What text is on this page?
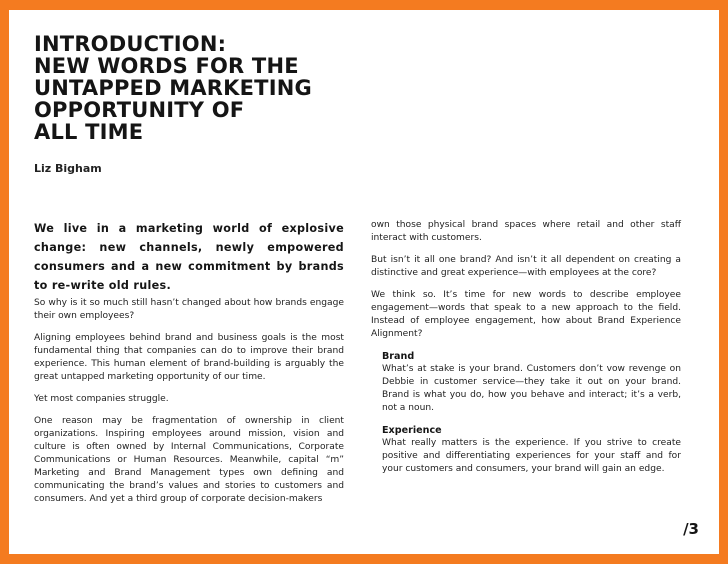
INTRODUCTION:
NEW WORDS FOR THE
UNTAPPED MARKETING
OPPORTUNITY OF
ALL TIME
Liz Bigham

We live in a marketing world of explosive change: new channels, newly empowered consumers and a new commitment by brands to re-write old rules.

So why is it so much still hasn’t changed about how brands engage their own employees?

Aligning employees behind brand and business goals is the most fundamental thing that companies can do to improve their brand experience. This human element of brand-building is arguably the great untapped marketing opportunity of our time.

Yet most companies struggle.

One reason may be fragmentation of ownership in client organizations. Inspiring employees around mission, vision and culture is often owned by Internal Communications, Corporate Communications or Human Resources. Meanwhile, capital “m” Marketing and Brand Management types own defining and communicating the brand’s values and stories to customers and consumers. And yet a third group of corporate decision-makers

own those physical brand spaces where retail and other staff interact with customers.

But isn’t it all one brand? And isn’t it all dependent on creating a distinctive and great experience—with employees at the core?

We think so. It’s time for new words to describe employee engagement—words that speak to a new approach to the field. Instead of employee engagement, how about Brand Experience Alignment?

Brand
What’s at stake is your brand. Customers don’t vow revenge on Debbie in customer service—they take it out on your brand. Brand is what you do, how you behave and interact; it’s a verb, not a noun.
Experience
What really matters is the experience. If you strive to create positive and differentiating experiences for your staff and for your customers and consumers, your brand will gain an edge.
/3
